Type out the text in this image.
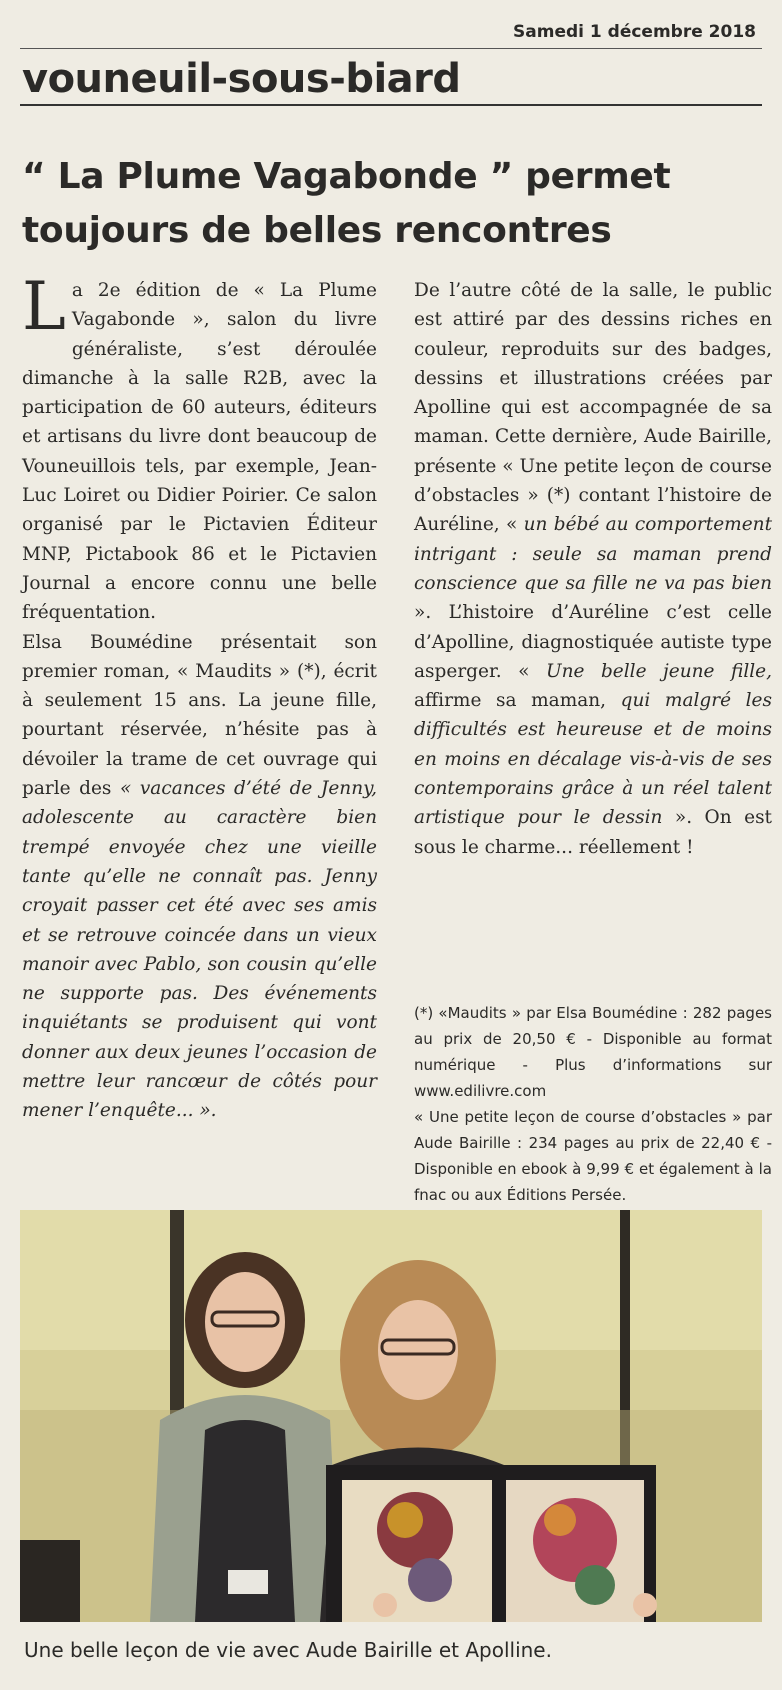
Samedi 1 décembre 2018
vouneuil-sous-biard
“ La Plume Vagabonde ” permet
toujours de belles rencontres

La 2e édition de « La Plume Vagabonde », salon du livre généraliste, s’est déroulée dimanche à la salle R2B, avec la participation de 60 auteurs, éditeurs et artisans du livre dont beaucoup de Vouneuillois tels, par exemple, Jean-Luc Loiret ou Didier Poirier. Ce salon organisé par le Pictavien Éditeur MNP, Pictabook 86 et le Pictavien Journal a encore connu une belle fréquentation.

Elsa Bouмédine présentait son premier roman, « Maudits » (*), écrit à seulement 15 ans. La jeune fille, pourtant réservée, n’hésite pas à dévoiler la trame de cet ouvrage qui parle des « vacances d’été de Jenny, adolescente au caractère bien trempé envoyée chez une vieille tante qu’elle ne connaît pas. Jenny croyait passer cet été avec ses amis et se retrouve coincée dans un vieux manoir avec Pablo, son cousin qu’elle ne supporte pas. Des événements inquiétants se produisent qui vont donner aux deux jeunes l’occasion de mettre leur rancœur de côtés pour mener l’enquête... ».

De l’autre côté de la salle, le public est attiré par des dessins riches en couleur, reproduits sur des badges, dessins et illustrations créées par Apolline qui est accompagnée de sa maman. Cette dernière, Aude Bairille, présente « Une petite leçon de course d’obstacles » (*) contant l’histoire de Auréline, « un bébé au comportement intrigant : seule sa maman prend conscience que sa fille ne va pas bien ». L’histoire d’Auréline c’est celle d’Apolline, diagnostiquée autiste type asperger. « Une belle jeune fille, affirme sa maman, qui malgré les difficultés est heureuse et de moins en moins en décalage vis-à-vis de ses contemporains grâce à un réel talent artistique pour le dessin ». On est sous le charme... réellement !

(*) «Maudits » par Elsa Boumédine : 282 pages au prix de 20,50 € - Disponible au format numérique - Plus d’informations sur www.edilivre.com

« Une petite leçon de course d’obstacles » par Aude Bairille : 234 pages au prix de 22,40 € - Disponible en ebook à 9,99 € et également à la fnac ou aux Éditions Persée.

Une belle leçon de vie avec Aude Bairille et Apolline.
